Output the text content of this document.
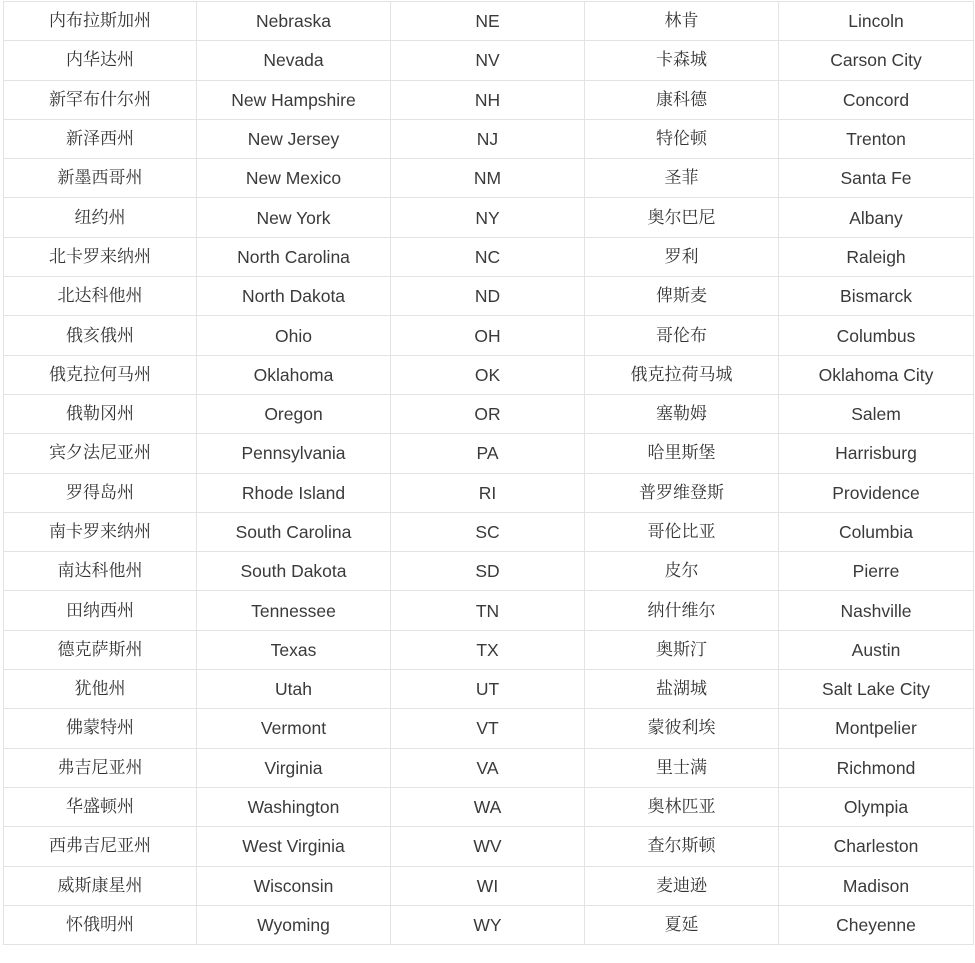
内布拉斯加州	Nebraska	NE	林肯	Lincoln
内华达州	Nevada	NV	卡森城	Carson City
新罕布什尔州	New Hampshire	NH	康科德	Concord
新泽西州	New Jersey	NJ	特伦顿	Trenton
新墨西哥州	New Mexico	NM	圣菲	Santa Fe
纽约州	New York	NY	奥尔巴尼	Albany
北卡罗来纳州	North Carolina	NC	罗利	Raleigh
北达科他州	North Dakota	ND	俾斯麦	Bismarck
俄亥俄州	Ohio	OH	哥伦布	Columbus
俄克拉何马州	Oklahoma	OK	俄克拉荷马城	Oklahoma City
俄勒冈州	Oregon	OR	塞勒姆	Salem
宾夕法尼亚州	Pennsylvania	PA	哈里斯堡	Harrisburg
罗得岛州	Rhode Island	RI	普罗维登斯	Providence
南卡罗来纳州	South Carolina	SC	哥伦比亚	Columbia
南达科他州	South Dakota	SD	皮尔	Pierre
田纳西州	Tennessee	TN	纳什维尔	Nashville
德克萨斯州	Texas	TX	奥斯汀	Austin
犹他州	Utah	UT	盐湖城	Salt Lake City
佛蒙特州	Vermont	VT	蒙彼利埃	Montpelier
弗吉尼亚州	Virginia	VA	里士满	Richmond
华盛顿州	Washington	WA	奥林匹亚	Olympia
西弗吉尼亚州	West Virginia	WV	查尔斯顿	Charleston
威斯康星州	Wisconsin	WI	麦迪逊	Madison
怀俄明州	Wyoming	WY	夏延	Cheyenne
